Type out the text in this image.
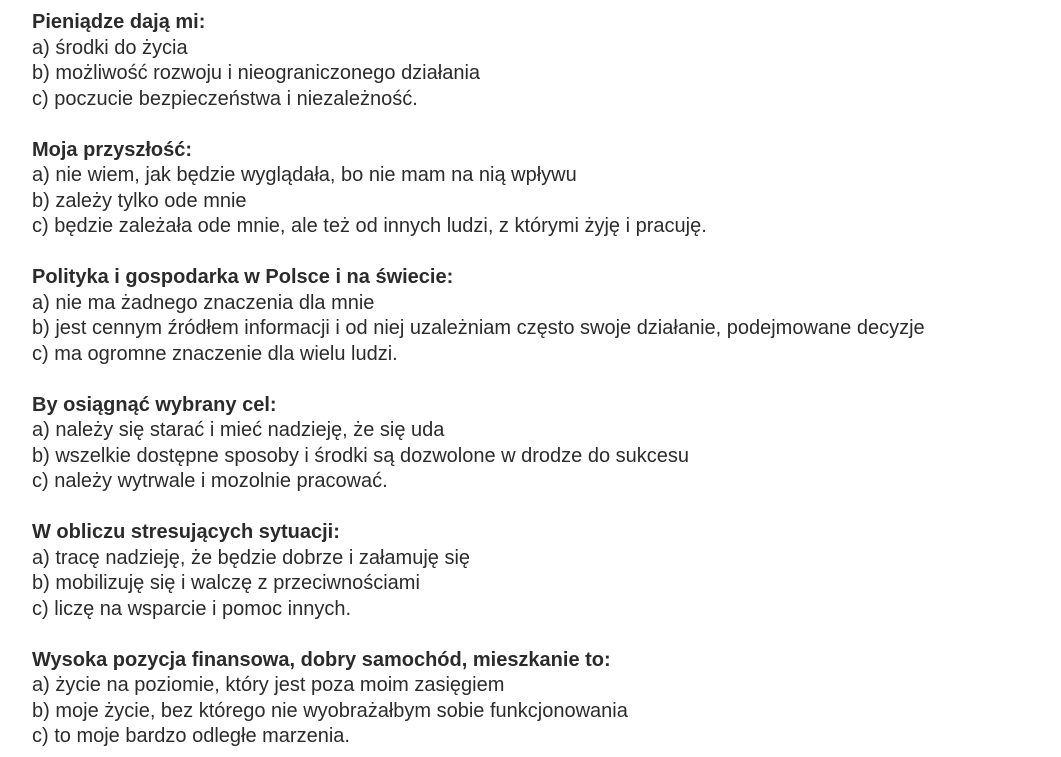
Pieniądze dają mi:

a) środki do życia

b) możliwość rozwoju i nieograniczonego działania

c) poczucie bezpieczeństwa i niezależność.

Moja przyszłość:

a) nie wiem, jak będzie wyglądała, bo nie mam na nią wpływu

b) zależy tylko ode mnie

c) będzie zależała ode mnie, ale też od innych ludzi, z którymi żyję i pracuję.

Polityka i gospodarka w Polsce i na świecie:

a) nie ma żadnego znaczenia dla mnie

b) jest cennym źródłem informacji i od niej uzależniam często swoje działanie, podejmowane decyzje

c) ma ogromne znaczenie dla wielu ludzi.

By osiągnąć wybrany cel:

a) należy się starać i mieć nadzieję, że się uda

b) wszelkie dostępne sposoby i środki są dozwolone w drodze do sukcesu

c) należy wytrwale i mozolnie pracować.

W obliczu stresujących sytuacji:

a) tracę nadzieję, że będzie dobrze i załamuję się

b) mobilizuję się i walczę z przeciwnościami

c) liczę na wsparcie i pomoc innych.

Wysoka pozycja finansowa, dobry samochód, mieszkanie to:

a) życie na poziomie, który jest poza moim zasięgiem

b) moje życie, bez którego nie wyobrażałbym sobie funkcjonowania

c) to moje bardzo odległe marzenia.
